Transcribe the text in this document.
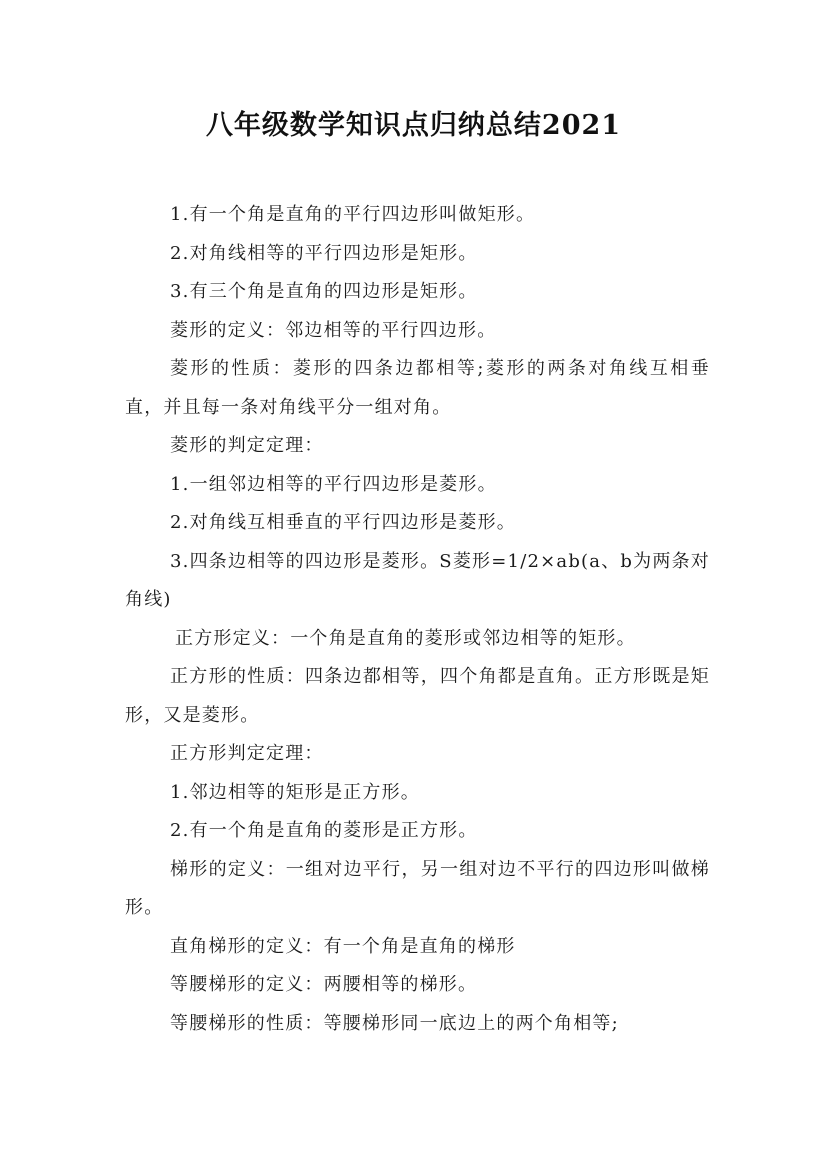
八年级数学知识点归纳总结2021

1.有一个角是直角的平行四边形叫做矩形。

2.对角线相等的平行四边形是矩形。

3.有三个角是直角的四边形是矩形。

菱形的定义：邻边相等的平行四边形。

菱形的性质：菱形的四条边都相等;菱形的两条对角线互相垂直，并且每一条对角线平分一组对角。

菱形的判定定理：

1.一组邻边相等的平行四边形是菱形。

2.对角线互相垂直的平行四边形是菱形。

3.四条边相等的四边形是菱形。S菱形=1/2×ab(a、b为两条对角线)

正方形定义：一个角是直角的菱形或邻边相等的矩形。

正方形的性质：四条边都相等，四个角都是直角。正方形既是矩形，又是菱形。

正方形判定定理：

1.邻边相等的矩形是正方形。

2.有一个角是直角的菱形是正方形。

梯形的定义：一组对边平行，另一组对边不平行的四边形叫做梯形。

直角梯形的定义：有一个角是直角的梯形

等腰梯形的定义：两腰相等的梯形。

等腰梯形的性质：等腰梯形同一底边上的两个角相等;
